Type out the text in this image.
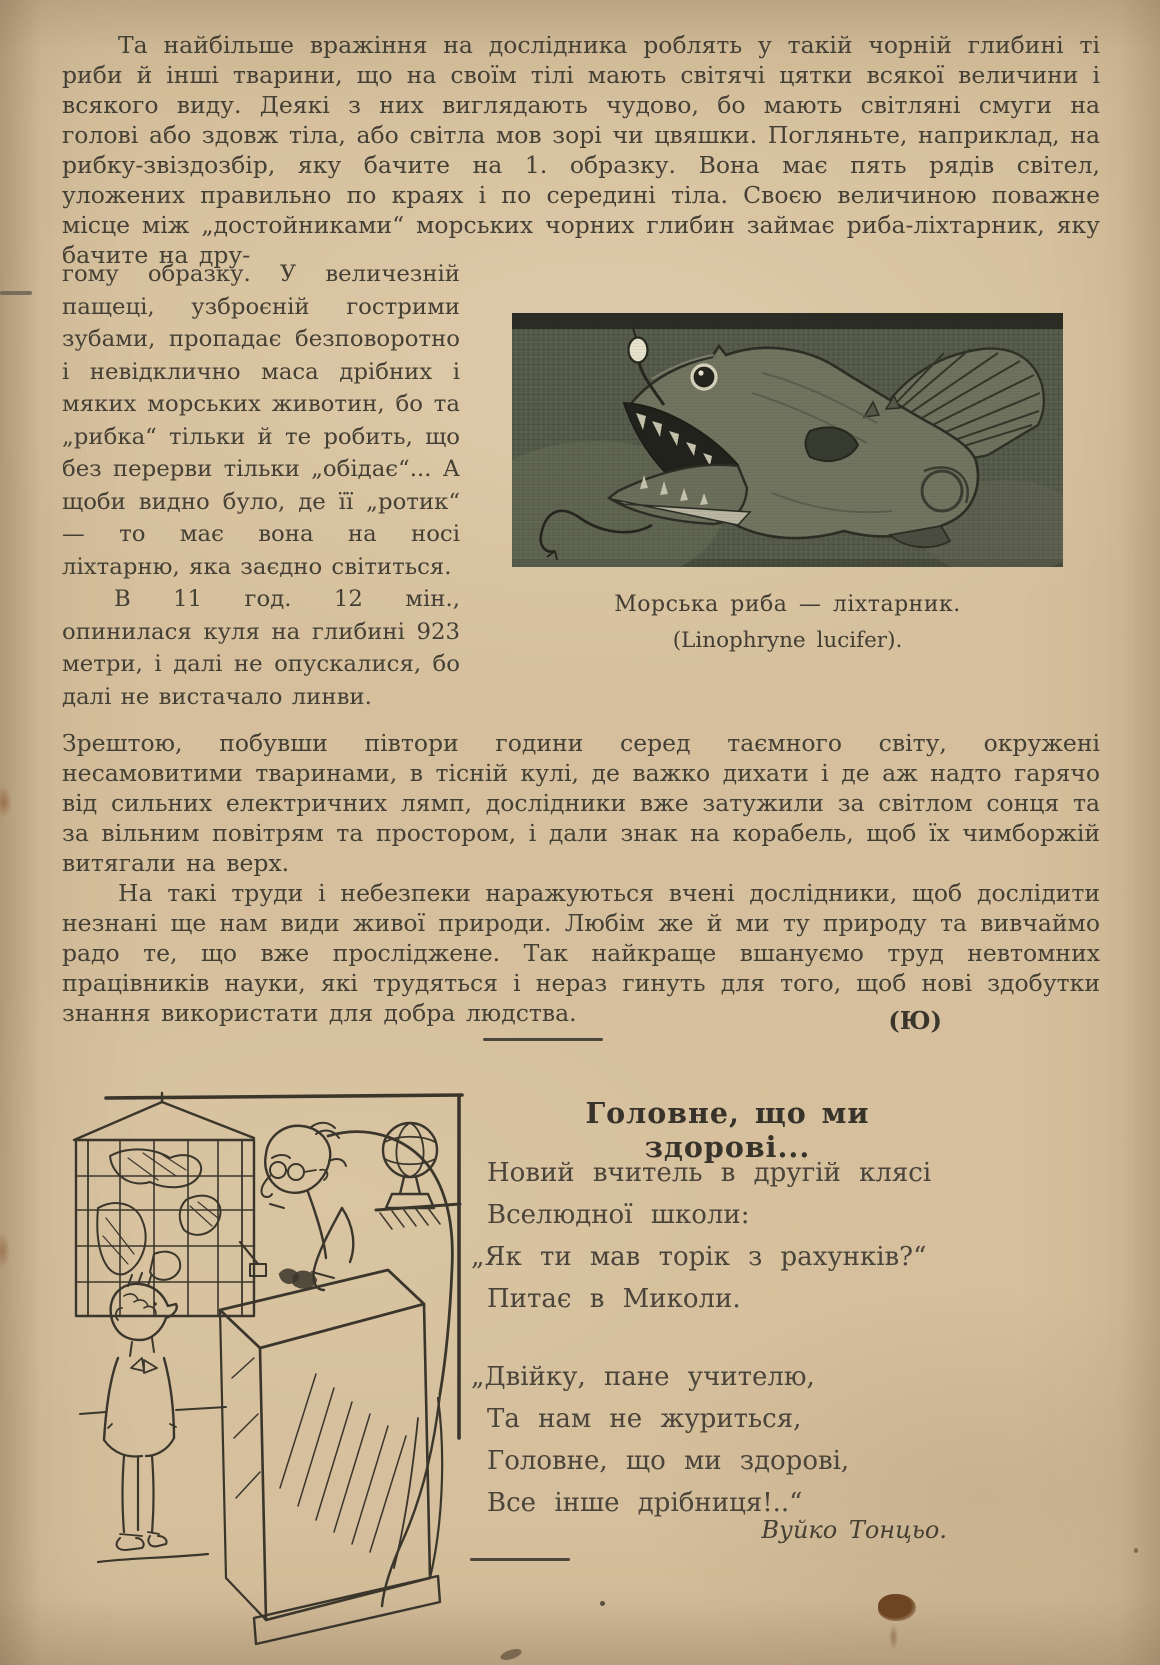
Та найбільше вражіння на дослідника роблять у такій чорній глибині ті риби й інші тварини, що на своїм тілі мають світячі цятки всякої величини і всякого виду. Деякі з них виглядають чудово, бо мають світляні смуги на голові або здовж тіла, або світла мов зорі чи цвяшки. Погляньте, наприклад, на рибку-звіздозбір, яку бачите на 1. образку. Вона має пять рядів світел, уложених правильно по краях і по середині тіла. Своєю величиною поважне місце між „достойниками“ морських чорних глибин займає риба-ліхтарник, яку бачите на дру-

гому образку. У величезній пащеці, узброєній гострими зубами, пропадає безповоротно і невідклично маса дрібних і мяких морських животин, бо та „рибка“ тільки й те робить, що без перерви тільки „обідає“... А щоби видно було, де її „ротик“ — то має вона на носі ліхтарню, яка заєдно світиться.

В 11 год. 12 мін., опинилася куля на глибині 923 метри, і далі не опускалися, бо далі не вистачало линви.

Морська риба — ліхтарник.
(Linophryne lucifer).

Зрештою, побувши півтори години серед таємного світу, окружені несамовитими тваринами, в тісній кулі, де важко дихати і де аж надто гарячо від сильних електричних лямп, дослідники вже затужили за світлом сонця та за вільним повітрям та простором, і дали знак на корабель, щоб їх чимборжій витягали на верх.

На такі труди і небезпеки наражуються вчені дослідники, щоб дослідити незнані ще нам види живої природи. Любім же й ми ту природу та вивчаймо радо те, що вже просліджене. Так найкраще вшануємо труд невтомних працівників науки, які трудяться і нераз гинуть для того, щоб нові здобутки знання використати для добра людства.	(Ю)
Головне, що ми здорові...
Новий вчитель в другій клясі
Вселюдної школи:
„Як ти мав торік з рахунків?“
Питає в Миколи.
„Двійку, пане учителю,
Та нам не журиться,
Головне, що ми здорові,
Все інше дрібниця!..“
Вуйко Тонцьо.
